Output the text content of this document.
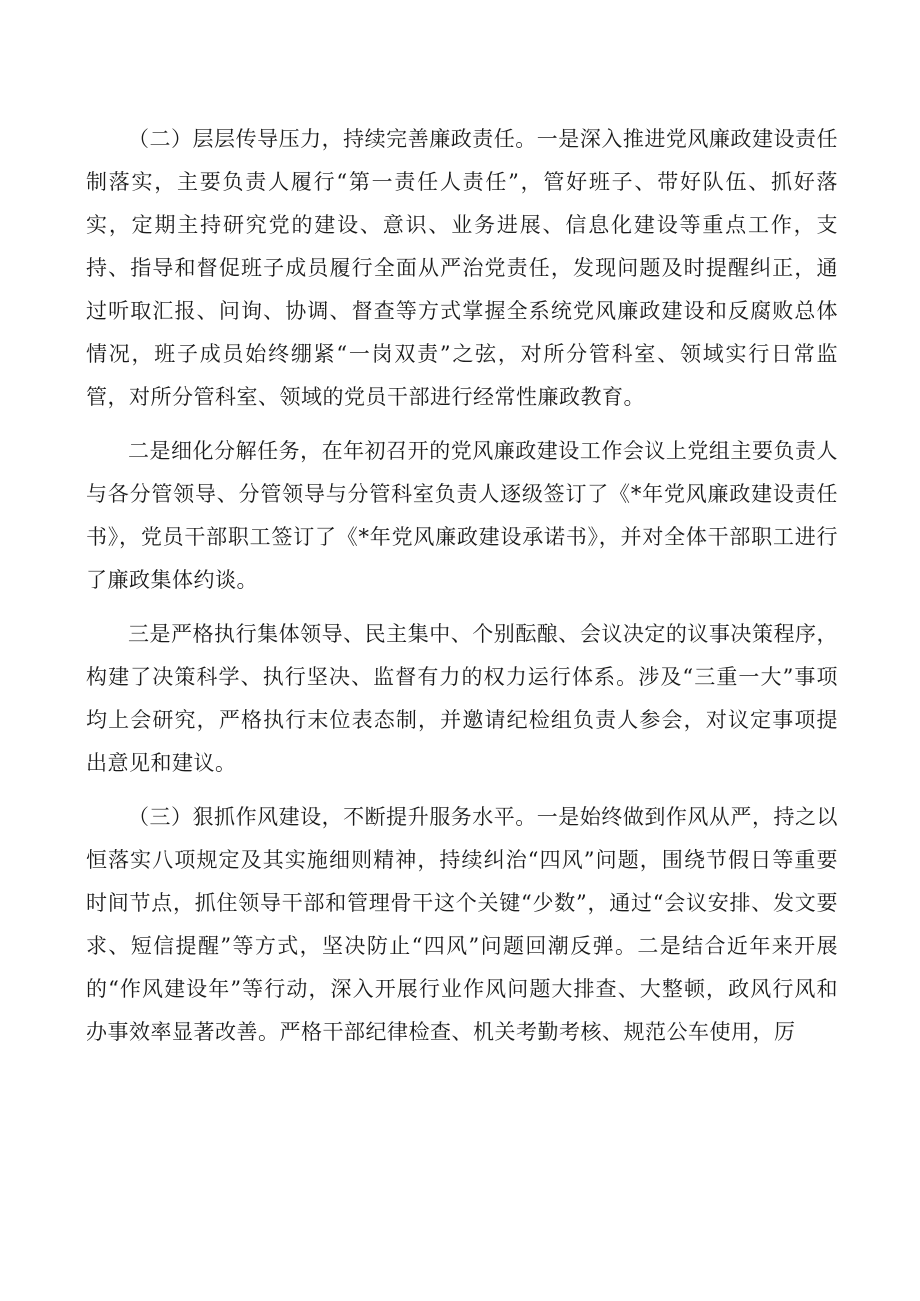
（二）层层传导压力，持续完善廉政责任。一是深入推进党风廉政建设责任制落实，主要负责人履行“第一责任人责任”，管好班子、带好队伍、抓好落实，定期主持研究党的建设、意识、业务进展、信息化建设等重点工作，支持、指导和督促班子成员履行全面从严治党责任，发现问题及时提醒纠正，通过听取汇报、问询、协调、督查等方式掌握全系统党风廉政建设和反腐败总体情况，班子成员始终绷紧“一岗双责”之弦，对所分管科室、领域实行日常监管，对所分管科室、领域的党员干部进行经常性廉政教育。

二是细化分解任务，在年初召开的党风廉政建设工作会议上党组主要负责人与各分管领导、分管领导与分管科室负责人逐级签订了《*年党风廉政建设责任书》，党员干部职工签订了《*年党风廉政建设承诺书》，并对全体干部职工进行了廉政集体约谈。

三是严格执行集体领导、民主集中、个别酝酿、会议决定的议事决策程序，构建了决策科学、执行坚决、监督有力的权力运行体系。涉及“三重一大”事项均上会研究，严格执行末位表态制，并邀请纪检组负责人参会，对议定事项提出意见和建议。

（三）狠抓作风建设，不断提升服务水平。一是始终做到作风从严，持之以恒落实八项规定及其实施细则精神，持续纠治“四风”问题，围绕节假日等重要时间节点，抓住领导干部和管理骨干这个关键“少数”，通过“会议安排、发文要求、短信提醒”等方式，坚决防止“四风”问题回潮反弹。二是结合近年来开展的“作风建设年”等行动，深入开展行业作风问题大排查、大整顿，政风行风和办事效率显著改善。严格干部纪律检查、机关考勤考核、规范公车使用，厉
